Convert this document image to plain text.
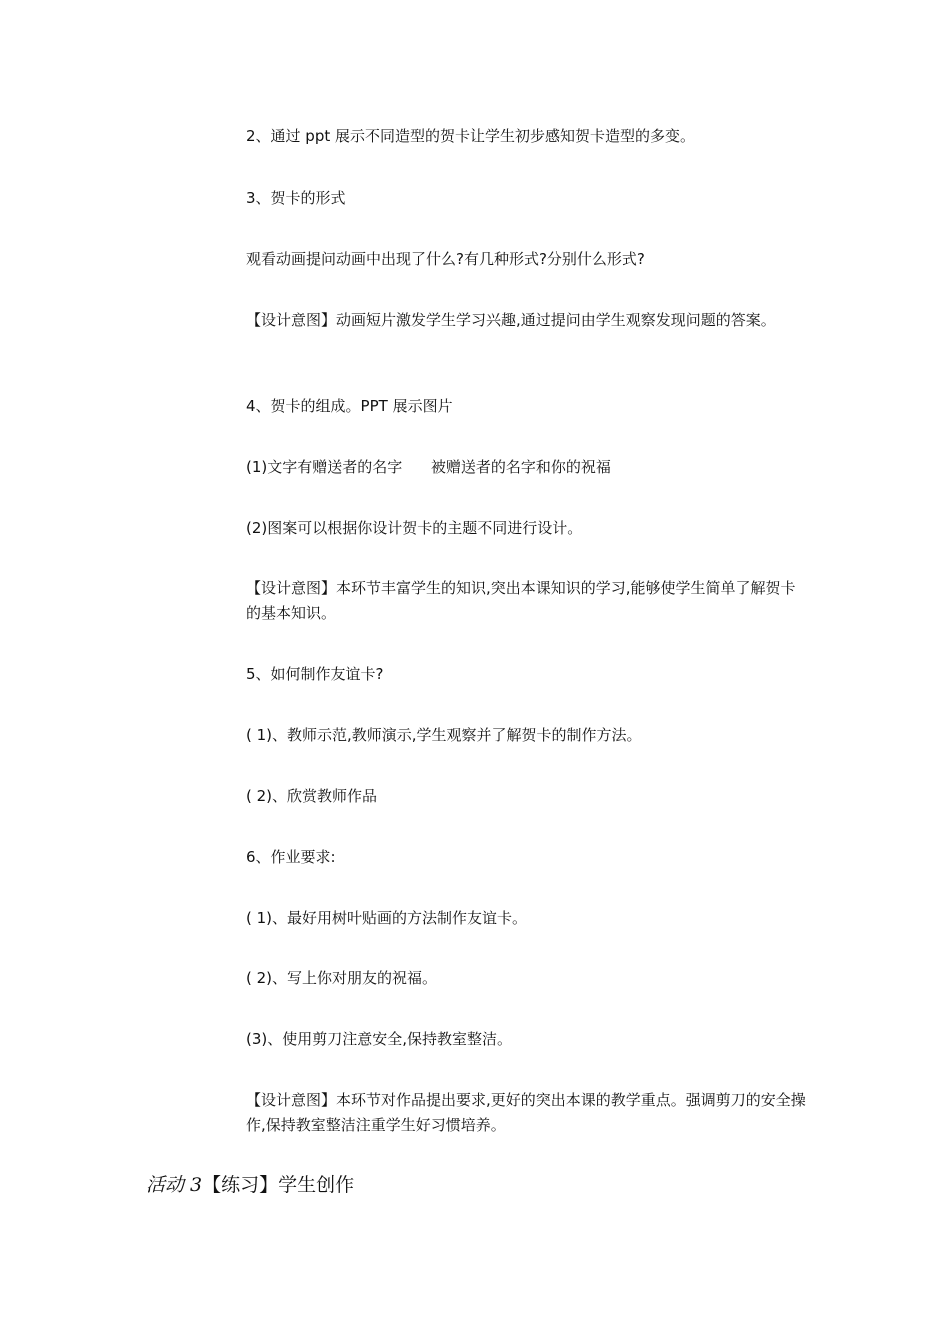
2、通过 ppt 展示不同造型的贺卡让学生初步感知贺卡造型的多变。

3、贺卡的形式

观看动画提问动画中出现了什么?有几种形式?分别什么形式?

【设计意图】动画短片激发学生学习兴趣,通过提问由学生观察发现问题的答案。

4、贺卡的组成。PPT 展示图片

(1)文字有赠送者的名字      被赠送者的名字和你的祝福

(2)图案可以根据你设计贺卡的主题不同进行设计。

【设计意图】本环节丰富学生的知识,突出本课知识的学习,能够使学生简单了解贺卡的基本知识。

5、如何制作友谊卡?

( 1)、教师示范,教师演示,学生观察并了解贺卡的制作方法。

( 2)、欣赏教师作品

6、作业要求:

( 1)、最好用树叶贴画的方法制作友谊卡。

( 2)、写上你对朋友的祝福。

(3)、使用剪刀注意安全,保持教室整洁。

【设计意图】本环节对作品提出要求,更好的突出本课的教学重点。强调剪刀的安全操作,保持教室整洁注重学生好习惯培养。

活动 3【练习】学生创作
